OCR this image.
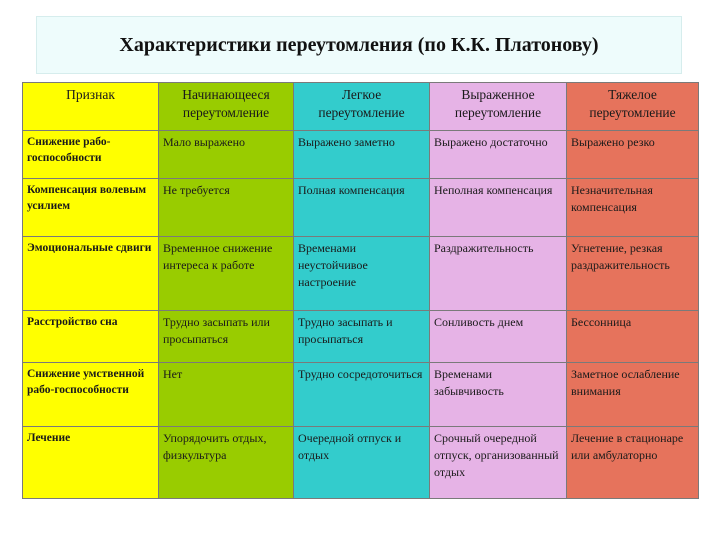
Характеристики переутомления (по К.К. Платонову)
Признак	Начинающееся переутомление	Легкое переутомление	Выраженное переутомление	Тяжелое переутомление
Снижение рабо-госпособности	Мало выражено	Выражено заметно	Выражено достаточно	Выражено резко
Компенсация волевым усилием	Не требуется	Полная компенсация	Неполная компенсация	Незначительная компенсация
Эмоциональные сдвиги	Временное снижение интереса к работе	Временами неустойчивое настроение	Раздражительность	Угнетение, резкая раздражительность
Расстройство сна	Трудно засыпать или просыпаться	Трудно засыпать и просыпаться	Сонливость днем	Бессонница
Снижение умственной рабо-госпособности	Нет	Трудно сосредоточиться	Временами забывчивость	Заметное ослабление внимания
Лечение	Упорядочить отдых, физкультура	Очередной отпуск и отдых	Срочный очередной отпуск, организованный отдых	Лечение в стационаре или амбулаторно
